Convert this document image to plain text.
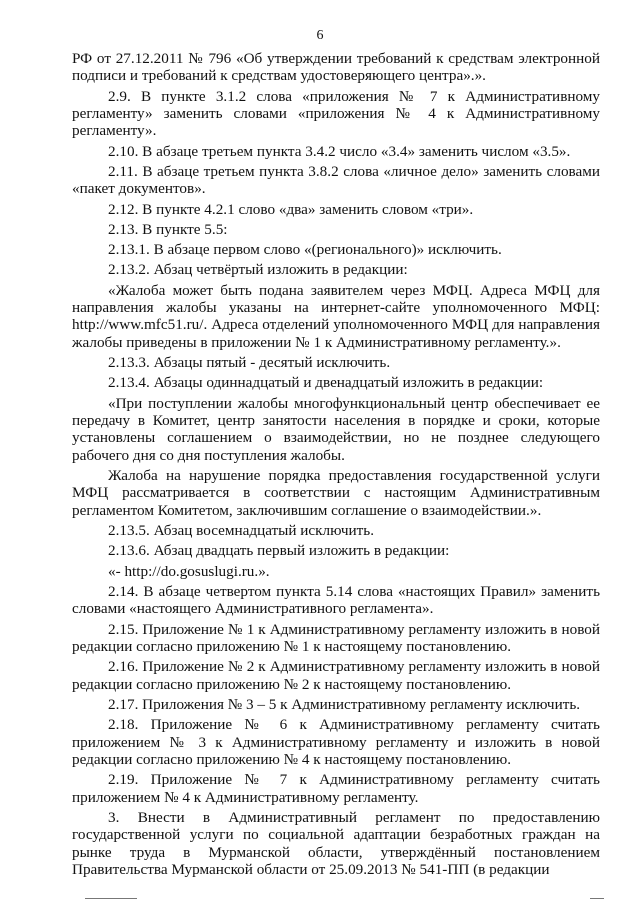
6

РФ от 27.12.2011 № 796 «Об утверждении требований к средствам электронной подписи и требований к средствам удостоверяющего центра».».

2.9. В пункте 3.1.2 слова «приложения № 7 к Административному регламенту» заменить словами «приложения № 4 к Административному регламенту».

2.10. В абзаце третьем пункта 3.4.2 число «3.4» заменить числом «3.5».

2.11. В абзаце третьем пункта 3.8.2 слова «личное дело» заменить словами «пакет документов».

2.12. В пункте 4.2.1 слово «два» заменить словом «три».

2.13. В пункте 5.5:

2.13.1. В абзаце первом слово «(регионального)» исключить.

2.13.2. Абзац четвёртый изложить в редакции:

«Жалоба может быть подана заявителем через МФЦ. Адреса МФЦ для направления жалобы указаны на интернет-сайте уполномоченного МФЦ: http://www.mfc51.ru/. Адреса отделений уполномоченного МФЦ для направления жалобы приведены в приложении № 1 к Административному регламенту.».

2.13.3. Абзацы пятый - десятый исключить.

2.13.4. Абзацы одиннадцатый и двенадцатый изложить в редакции:

«При поступлении жалобы многофункциональный центр обеспечивает ее передачу в Комитет, центр занятости населения в порядке и сроки, которые установлены соглашением о взаимодействии, но не позднее следующего рабочего дня со дня поступления жалобы.

Жалоба на нарушение порядка предоставления государственной услуги МФЦ рассматривается в соответствии с настоящим Административным регламентом Комитетом, заключившим соглашение о взаимодействии.».

2.13.5. Абзац восемнадцатый исключить.

2.13.6. Абзац двадцать первый изложить в редакции:

«- http://do.gosuslugi.ru.».

2.14. В абзаце четвертом пункта 5.14 слова «настоящих Правил» заменить словами «настоящего Административного регламента».

2.15. Приложение № 1 к Административному регламенту изложить в новой редакции согласно приложению № 1 к настоящему постановлению.

2.16. Приложение № 2 к Административному регламенту изложить в новой редакции согласно приложению № 2 к настоящему постановлению.

2.17. Приложения № 3 – 5 к Административному регламенту исключить.

2.18. Приложение № 6 к Административному регламенту считать приложением № 3 к Административному регламенту и изложить в новой редакции согласно приложению № 4 к настоящему постановлению.

2.19. Приложение № 7 к Административному регламенту считать приложением № 4 к Административному регламенту.

3. Внести в Административный регламент по предоставлению государственной услуги по социальной адаптации безработных граждан на рынке труда в Мурманской области, утверждённый постановлением Правительства Мурманской области от 25.09.2013 № 541-ПП (в редакции
